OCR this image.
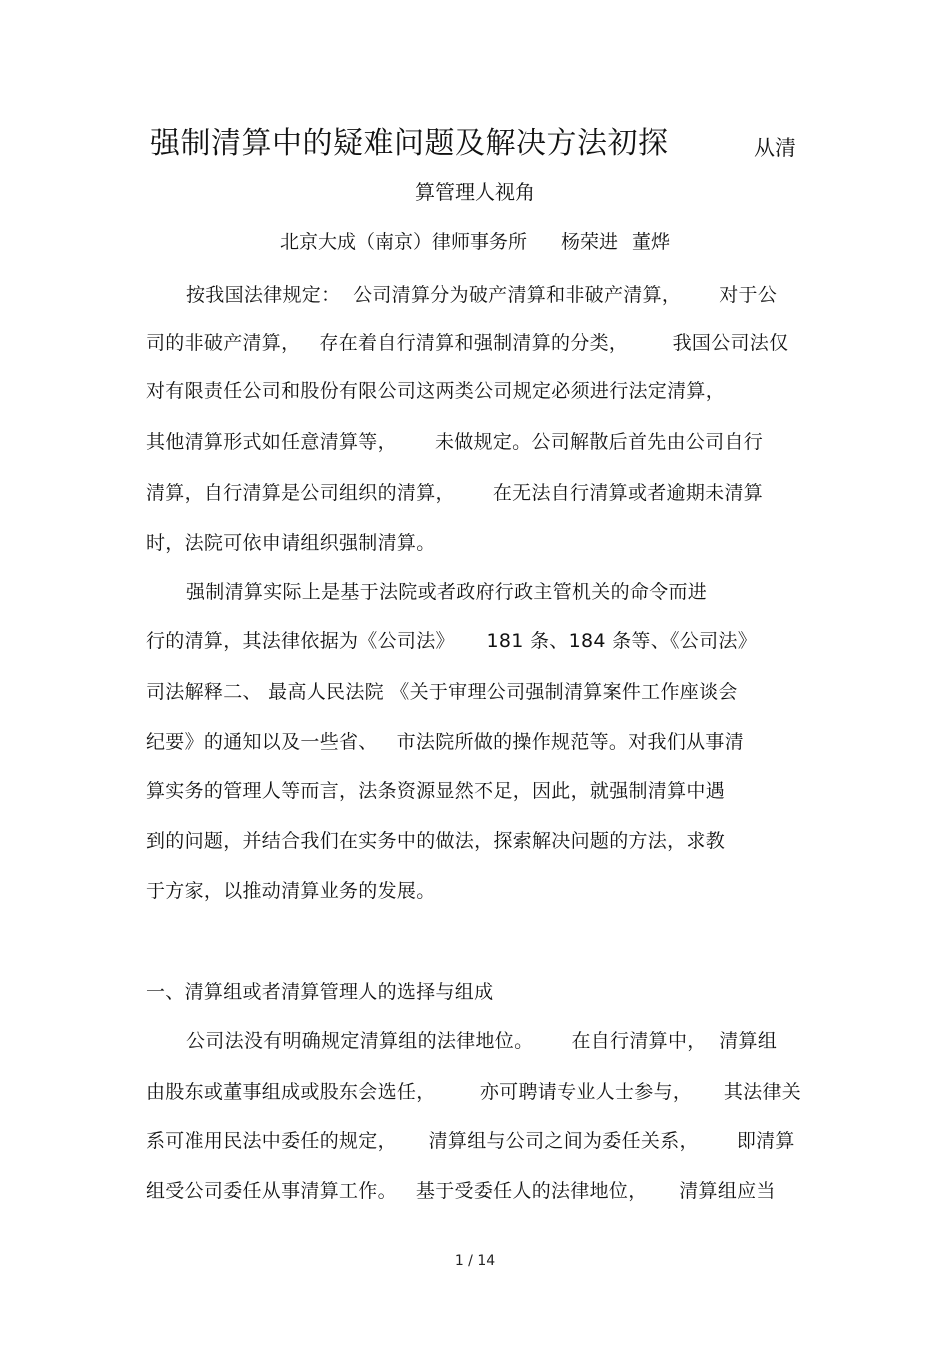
强制清算中的疑难问题及解决方法初探	从清
算管理人视角
北京大成（南京）律师事务所 杨荣进 董烨
按我国法律规定：  公司清算分为破产清算和非破产清算，      对于公
司的非破产清算，   存在着自行清算和强制清算的分类，       我国公司法仅
对有限责任公司和股份有限公司这两类公司规定必须进行法定清算，
其他清算形式如任意清算等，      未做规定。公司解散后首先由公司自行
清算，自行清算是公司组织的清算，      在无法自行清算或者逾期未清算
时，法院可依申请组织强制清算。
强制清算实际上是基于法院或者政府行政主管机关的命令而进
行的清算，其法律依据为《公司法》     181 条、184 条等、《公司法》
司法解释二、 最高人民法院 《关于审理公司强制清算案件工作座谈会
纪要》的通知以及一些省、   市法院所做的操作规范等。对我们从事清
算实务的管理人等而言，法条资源显然不足，因此，就强制清算中遇
到的问题，并结合我们在实务中的做法，探索解决问题的方法，求教
于方家，以推动清算业务的发展。
一、清算组或者清算管理人的选择与组成
公司法没有明确规定清算组的法律地位。      在自行清算中，  清算组
由股东或董事组成或股东会选任，       亦可聘请专业人士参与，     其法律关
系可准用民法中委任的规定，     清算组与公司之间为委任关系，      即清算
组受公司委任从事清算工作。   基于受委任人的法律地位，     清算组应当
1 / 14
